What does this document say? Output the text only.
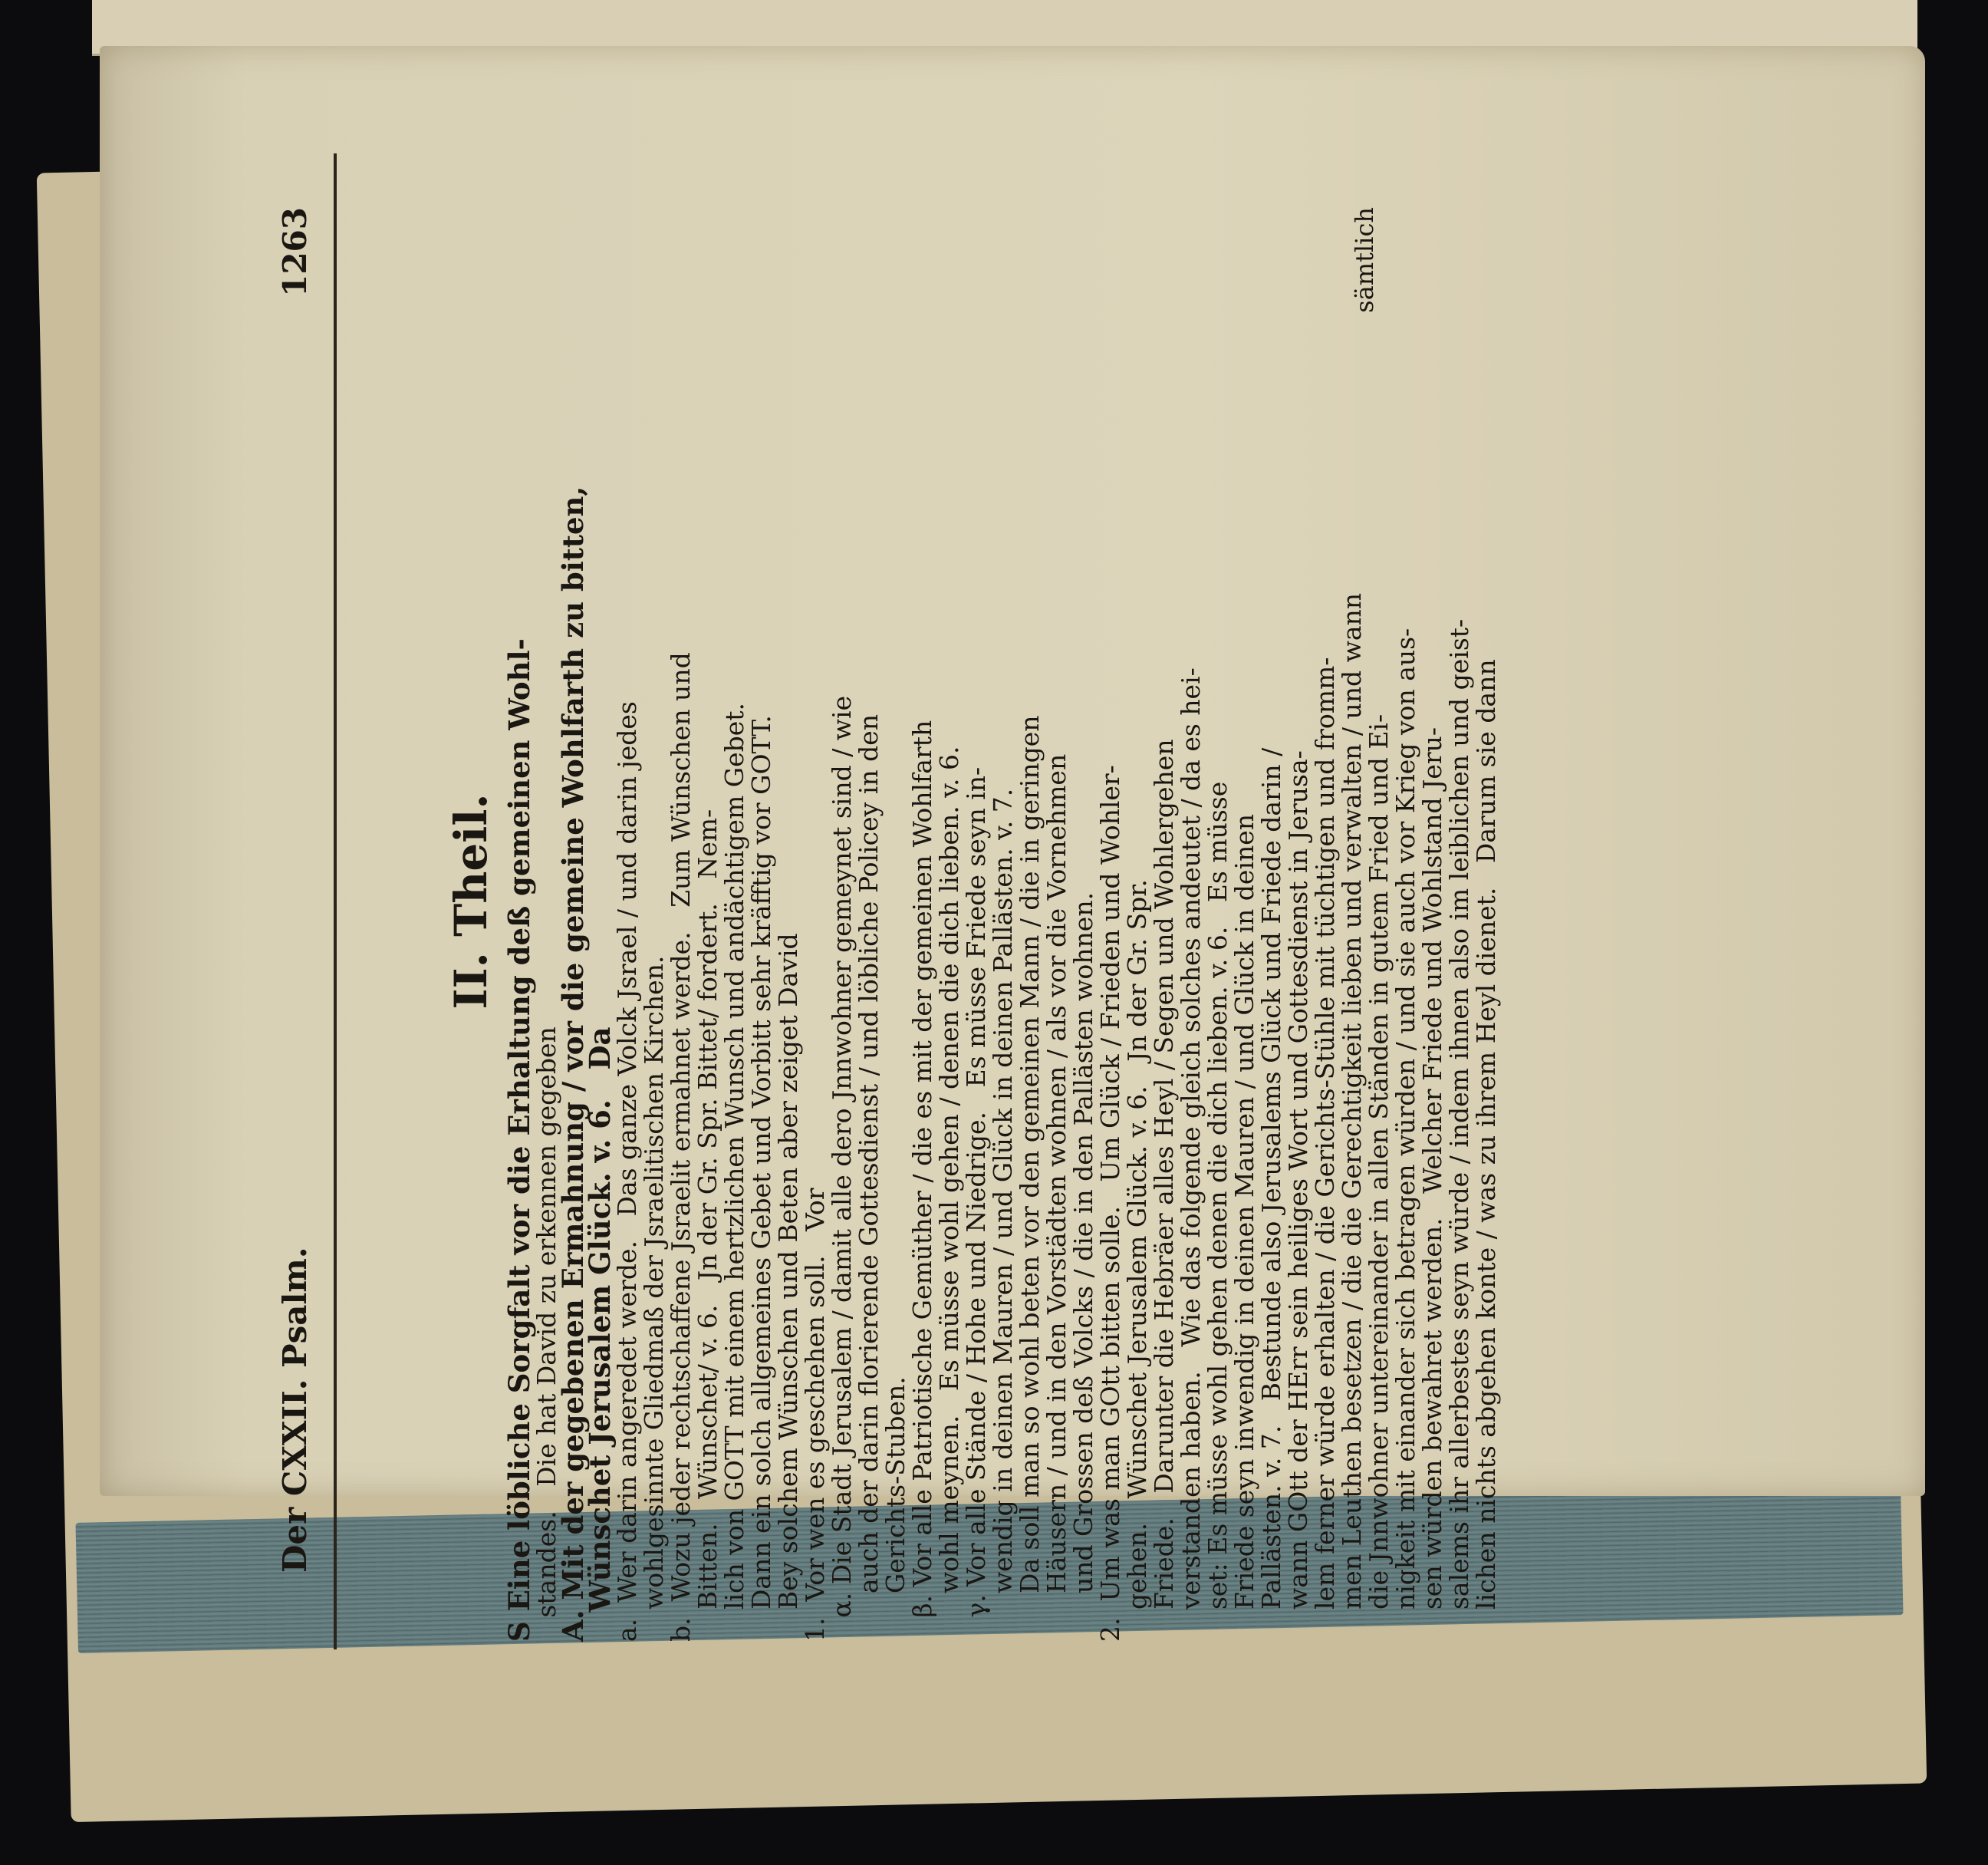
Der CXXII. Psalm.
1263
II. Theil. S Eine löbliche Sorgfalt vor die Erhaltung deß gemeinen Wohl-
standes.   Die hat David zu erkennen gegeben
A. Mit der gegebenen Ermahnung / vor die gemeine Wohlfarth zu bitten,
Wünschet Jerusalem Glück. v. 6.   Da
a.  Wer darin angeredet werde.   Das ganze Volck Jsrael / und darin jedes
wohlgesinnte Gliedmaß der Jsraelitischen Kirchen.
b.  Wozu jeder rechtschaffene Jsraelit ermahnet werde.   Zum Wünschen und
Bitten.   Wünschet/ v. 6.   Jn der Gr. Spr. Bittet/ fordert.   Nem-
lich von GOTT mit einem hertzlichen Wunsch und andächtigem Gebet.
Dann ein solch allgemeines Gebet und Vorbitt sehr kräfftig vor GOTT.
Bey solchem Wünschen und Beten aber zeiget David
1.  Vor wen es geschehen soll.   Vor
α. Die Stadt Jerusalem / damit alle dero Jnnwohner gemeynet sind / wie
auch der darin florierende Gottesdienst / und löbliche Policey in den
Gerichts-Stuben.
β. Vor alle Patriotische Gemüther / die es mit der gemeinen Wohlfarth
wohl meynen.   Es müsse wohl gehen / denen die dich lieben. v. 6.
γ. Vor alle Stände / Hohe und Niedrige.   Es müsse Friede seyn in-
wendig in deinen Mauren / und Glück in deinen Pallästen. v. 7.
Da soll man so wohl beten vor den gemeinen Mann / die in geringen
Häusern / und in den Vorstädten wohnen / als vor die Vornehmen
und Grossen deß Volcks / die in den Pallästen wohnen.
2.  Um was man GOtt bitten solle.   Um Glück / Frieden und Wohler-
gehen.   Wünschet Jerusalem Glück. v. 6.   Jn der Gr. Spr.
Friede.   Darunter die Hebräer alles Heyl / Segen und Wohlergehen
verstanden haben.   Wie das folgende gleich solches andeutet / da es hei-
set: Es müsse wohl gehen denen die dich lieben. v. 6.   Es müsse
Friede seyn inwendig in deinen Mauren / und Glück in deinen
Pallästen. v. 7.   Bestunde also Jerusalems Glück und Friede darin /
wann GOtt der HErr sein heiliges Wort und Gottesdienst in Jerusa-
lem ferner würde erhalten / die Gerichts-Stühle mit tüchtigen und fromm-
men Leuthen besetzen / die die Gerechtigkeit lieben und verwalten / und wann
die Jnnwohner untereinander in allen Ständen in gutem Fried und Ei-
nigkeit mit einander sich betragen würden / und sie auch vor Krieg von aus-
sen würden bewahret werden.   Welcher Friede und Wohlstand Jeru-
salems ihr allerbestes seyn würde / indem ihnen also im leiblichen und geist-
lichen nichts abgehen konte / was zu ihrem Heyl dienet.   Darum sie dann
sämtlich
